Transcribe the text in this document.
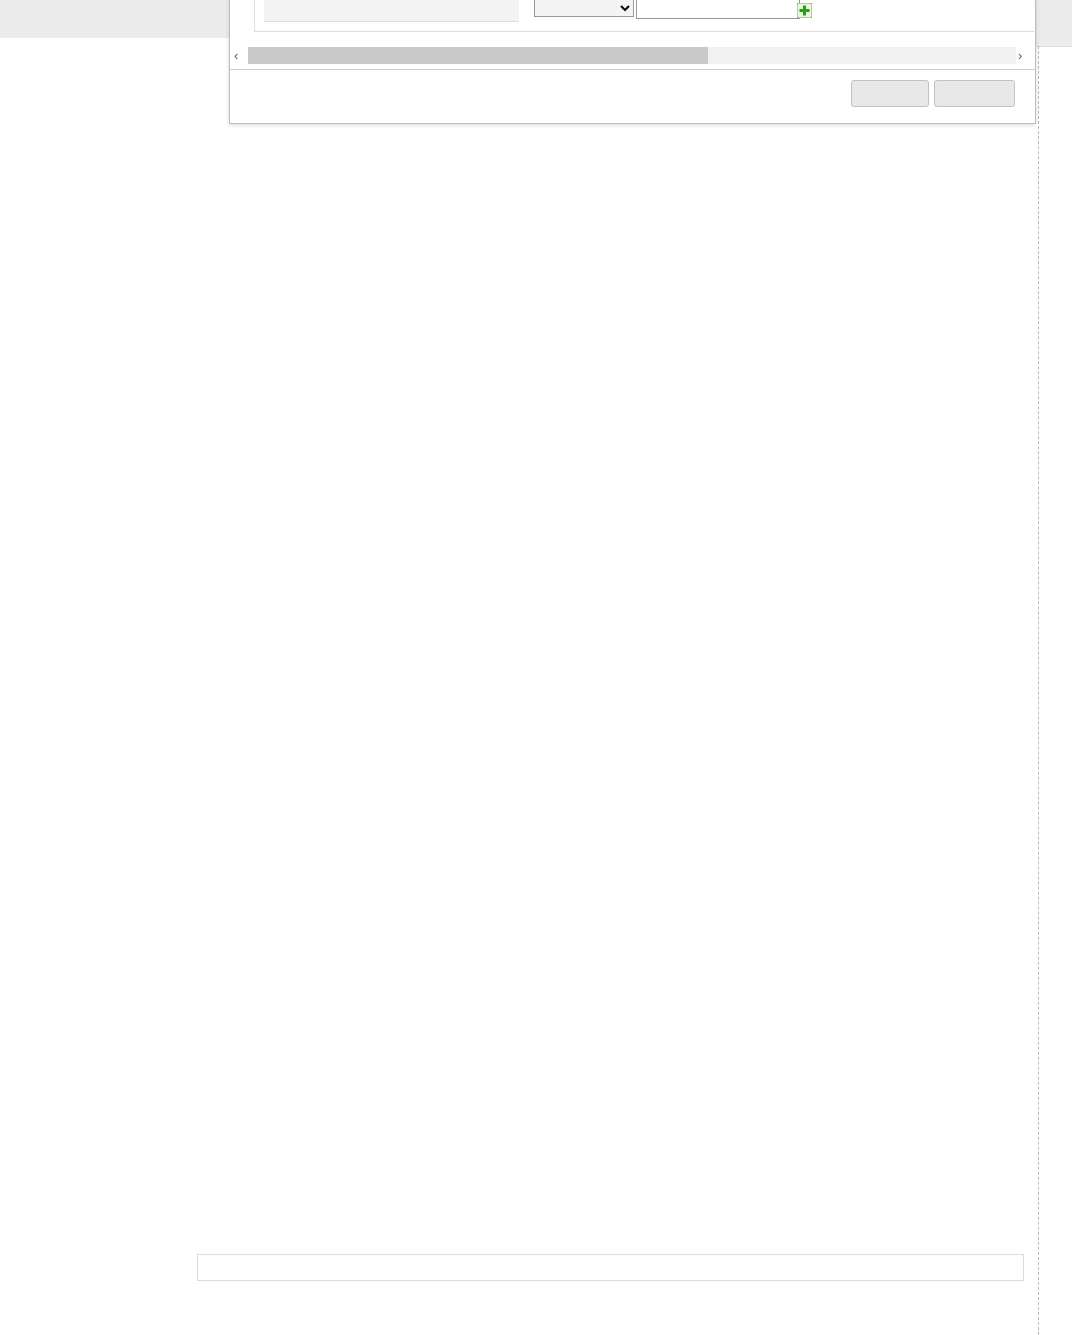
‹	›
